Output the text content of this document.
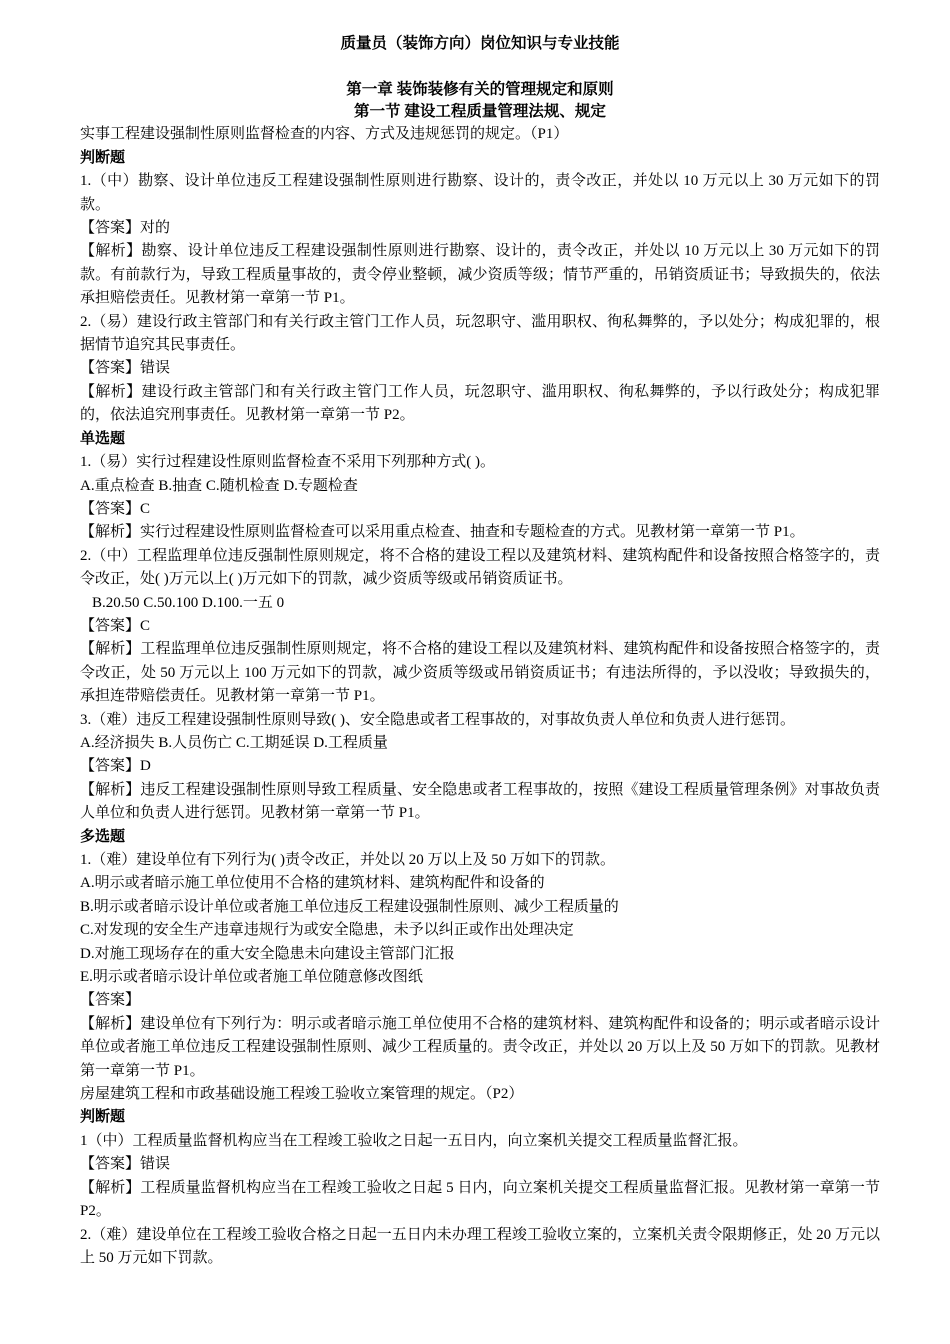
质量员（装饰方向）岗位知识与专业技能

第一章 装饰装修有关的管理规定和原则

第一节 建设工程质量管理法规、规定

实事工程建设强制性原则监督检查的内容、方式及违规惩罚的规定。（P1）

判断题

1.（中）勘察、设计单位违反工程建设强制性原则进行勘察、设计的，责令改正，并处以 10 万元以上 30 万元如下的罚款。

【答案】对的

【解析】勘察、设计单位违反工程建设强制性原则进行勘察、设计的，责令改正，并处以 10 万元以上 30 万元如下的罚款。有前款行为，导致工程质量事故的，责令停业整顿，减少资质等级；情节严重的，吊销资质证书；导致损失的，依法承担赔偿责任。见教材第一章第一节 P1。

2.（易）建设行政主管部门和有关行政主管门工作人员，玩忽职守、滥用职权、徇私舞弊的，予以处分；构成犯罪的，根据情节追究其民事责任。

【答案】错误

【解析】建设行政主管部门和有关行政主管门工作人员，玩忽职守、滥用职权、徇私舞弊的，予以行政处分；构成犯罪的，依法追究刑事责任。见教材第一章第一节 P2。

单选题

1.（易）实行过程建设性原则监督检查不采用下列那种方式( )。

A.重点检查 B.抽查 C.随机检查 D.专题检查

【答案】C

【解析】实行过程建设性原则监督检查可以采用重点检查、抽查和专题检查的方式。见教材第一章第一节 P1。

2.（中）工程监理单位违反强制性原则规定，将不合格的建设工程以及建筑材料、建筑构配件和设备按照合格签字的，责令改正，处( )万元以上( )万元如下的罚款，减少资质等级或吊销资质证书。

B.20.50 C.50.100 D.100.一五 0

【答案】C

【解析】工程监理单位违反强制性原则规定，将不合格的建设工程以及建筑材料、建筑构配件和设备按照合格签字的，责令改正，处 50 万元以上 100 万元如下的罚款，减少资质等级或吊销资质证书；有违法所得的，予以没收；导致损失的，承担连带赔偿责任。见教材第一章第一节 P1。

3.（难）违反工程建设强制性原则导致( )、安全隐患或者工程事故的，对事故负责人单位和负责人进行惩罚。

A.经济损失 B.人员伤亡 C.工期延误 D.工程质量

【答案】D

【解析】违反工程建设强制性原则导致工程质量、安全隐患或者工程事故的，按照《建设工程质量管理条例》对事故负责人单位和负责人进行惩罚。见教材第一章第一节 P1。

多选题

1.（难）建设单位有下列行为( )责令改正，并处以 20 万以上及 50 万如下的罚款。

A.明示或者暗示施工单位使用不合格的建筑材料、建筑构配件和设备的

B.明示或者暗示设计单位或者施工单位违反工程建设强制性原则、减少工程质量的

C.对发现的安全生产违章违规行为或安全隐患，未予以纠正或作出处理决定

D.对施工现场存在的重大安全隐患未向建设主管部门汇报

E.明示或者暗示设计单位或者施工单位随意修改图纸

【答案】

【解析】建设单位有下列行为：明示或者暗示施工单位使用不合格的建筑材料、建筑构配件和设备的；明示或者暗示设计单位或者施工单位违反工程建设强制性原则、减少工程质量的。责令改正，并处以 20 万以上及 50 万如下的罚款。见教材第一章第一节 P1。

房屋建筑工程和市政基础设施工程竣工验收立案管理的规定。（P2）

判断题

1（中）工程质量监督机构应当在工程竣工验收之日起一五日内，向立案机关提交工程质量监督汇报。

【答案】错误

【解析】工程质量监督机构应当在工程竣工验收之日起 5 日内，向立案机关提交工程质量监督汇报。见教材第一章第一节 P2。

2.（难）建设单位在工程竣工验收合格之日起一五日内未办理工程竣工验收立案的，立案机关责令限期修正，处 20 万元以上 50 万元如下罚款。
